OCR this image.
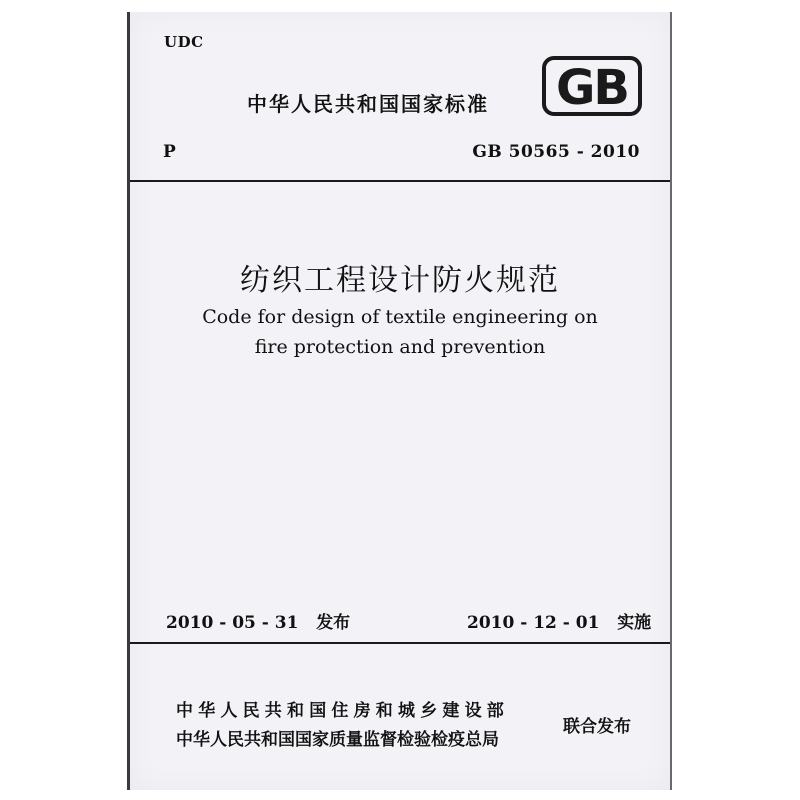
UDC
中华人民共和国国家标准 GB
P	GB 50565 - 2010
纺织工程设计防火规范
Code for design of textile engineering on
fire protection and prevention
2010 - 05 - 31 发布	2010 - 12 - 01 实施
中华人民共和国住房和城乡建设部
中华人民共和国国家质量监督检验检疫总局
联合发布
